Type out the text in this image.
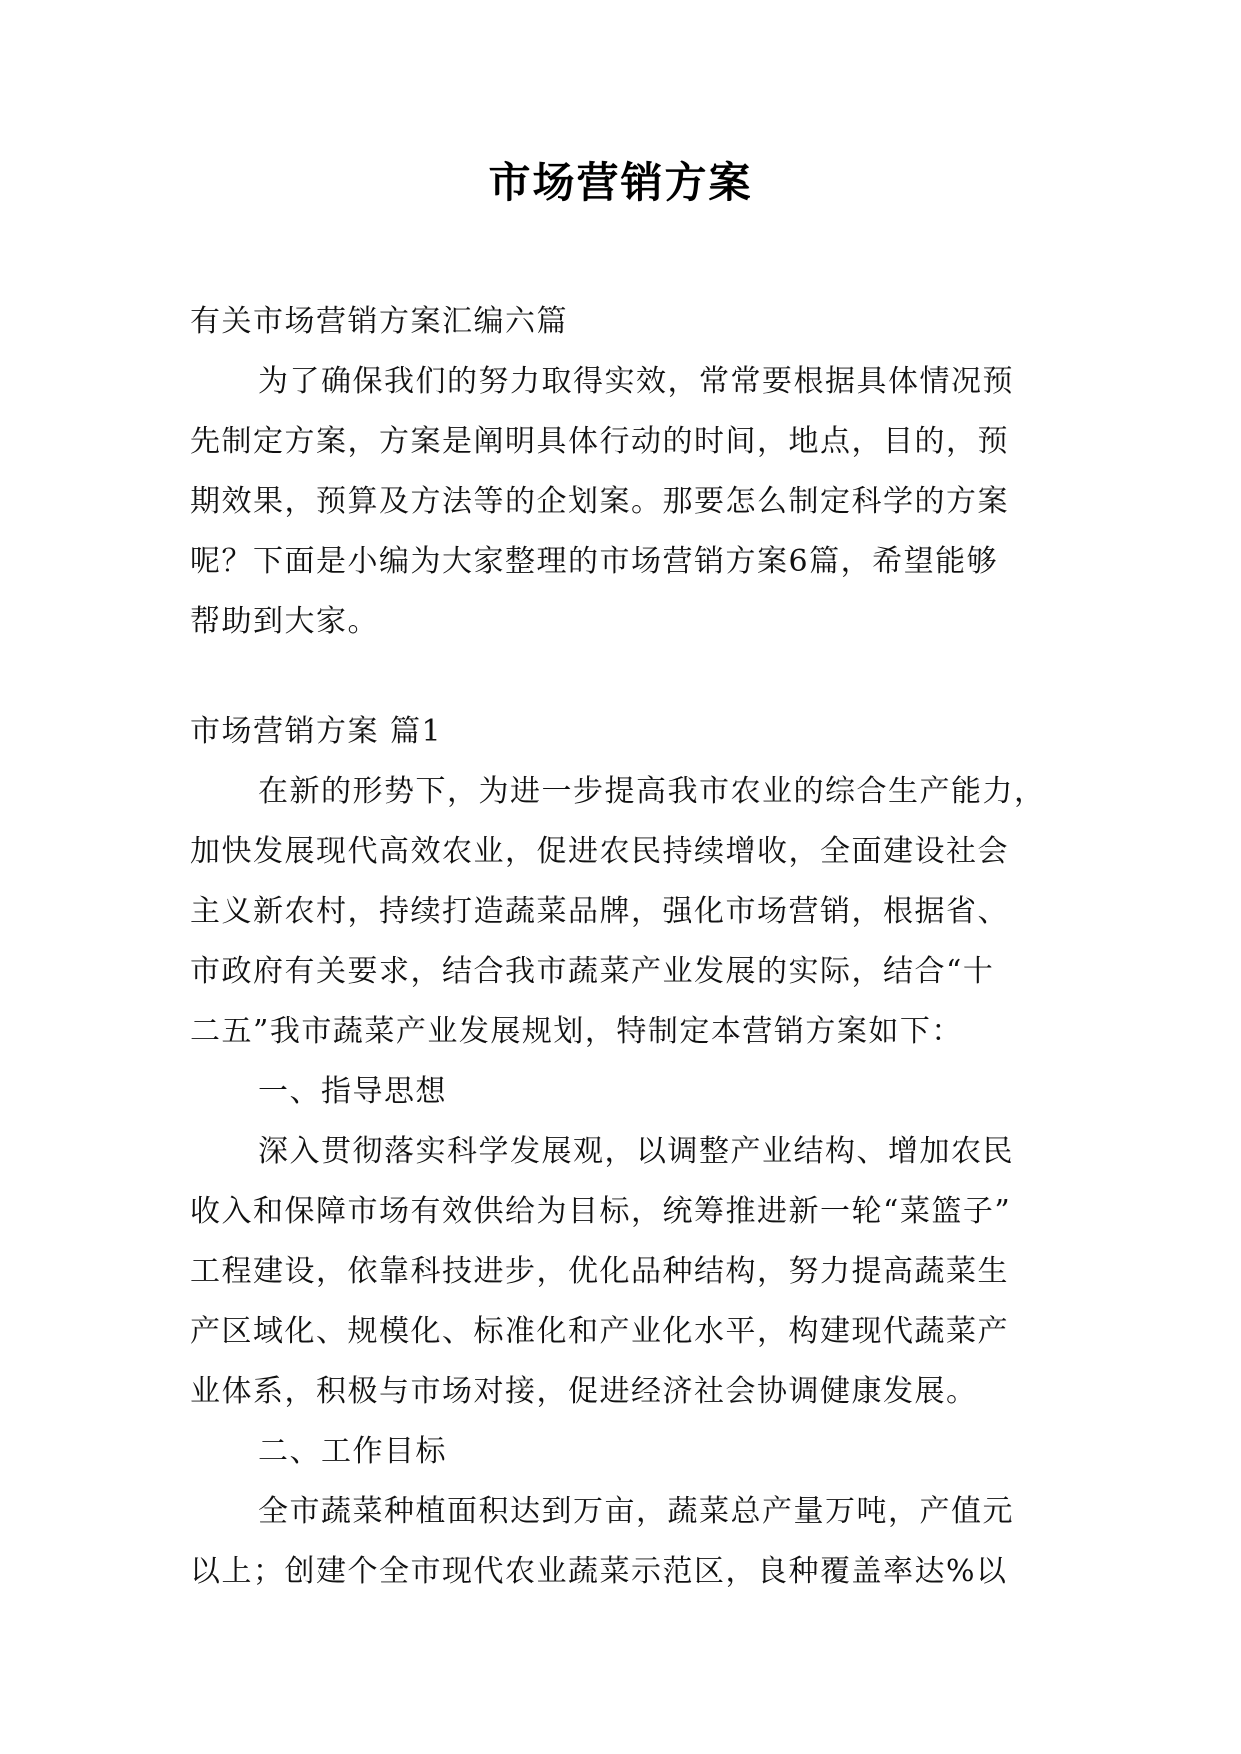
市场营销方案
有关市场营销方案汇编六篇
为了确保我们的努力取得实效，常常要根据具体情况预
先制定方案，方案是阐明具体行动的时间，地点，目的，预
期效果，预算及方法等的企划案。那要怎么制定科学的方案
呢？下面是小编为大家整理的市场营销方案6篇，希望能够
帮助到大家。
市场营销方案 篇1
在新的形势下，为进一步提高我市农业的综合生产能力，
加快发展现代高效农业，促进农民持续增收，全面建设社会
主义新农村，持续打造蔬菜品牌，强化市场营销，根据省、
市政府有关要求，结合我市蔬菜产业发展的实际，结合“十
二五”我市蔬菜产业发展规划，特制定本营销方案如下：
一、指导思想
深入贯彻落实科学发展观，以调整产业结构、增加农民
收入和保障市场有效供给为目标，统筹推进新一轮“菜篮子”
工程建设，依靠科技进步，优化品种结构，努力提高蔬菜生
产区域化、规模化、标准化和产业化水平，构建现代蔬菜产
业体系，积极与市场对接，促进经济社会协调健康发展。
二、工作目标
全市蔬菜种植面积达到万亩，蔬菜总产量万吨，产值元
以上；创建个全市现代农业蔬菜示范区，良种覆盖率达%以
